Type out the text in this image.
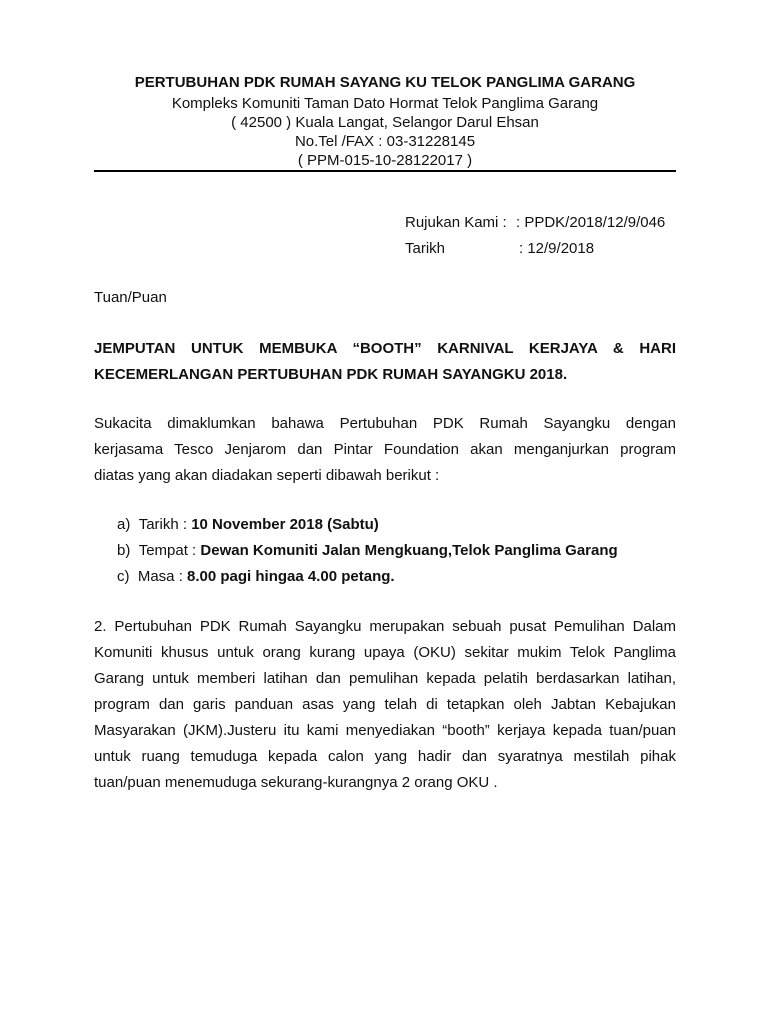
PERTUBUHAN PDK RUMAH SAYANG KU TELOK PANGLIMA GARANG
Kompleks Komuniti Taman Dato Hormat Telok Panglima Garang
( 42500 ) Kuala Langat, Selangor Darul Ehsan
No.Tel /FAX : 03-31228145
( PPM-015-10-28122017 )
Rujukan Kami : : PPDK/2018/12/9/046
Tarikh	: 12/9/2018
Tuan/Puan
JEMPUTAN UNTUK MEMBUKA “BOOTH” KARNIVAL KERJAYA & HARI
KECEMERLANGAN PERTUBUHAN PDK RUMAH SAYANGKU 2018.
Sukacita dimaklumkan bahawa Pertubuhan PDK Rumah Sayangku dengan
kerjasama Tesco Jenjarom dan Pintar Foundation akan menganjurkan program
diatas yang akan diadakan seperti dibawah berikut :
a) Tarikh : 10 November 2018 (Sabtu)
b) Tempat : Dewan Komuniti Jalan Mengkuang,Telok Panglima Garang
c) Masa : 8.00 pagi hingaa 4.00 petang.
2. Pertubuhan PDK Rumah Sayangku merupakan sebuah pusat Pemulihan Dalam
Komuniti khusus untuk orang kurang upaya (OKU) sekitar mukim Telok Panglima
Garang untuk memberi latihan dan pemulihan kepada pelatih berdasarkan latihan,
program dan garis panduan asas yang telah di tetapkan oleh Jabtan Kebajukan
Masyarakan (JKM).Justeru itu kami menyediakan “booth” kerjaya kepada tuan/puan
untuk ruang temuduga kepada calon yang hadir dan syaratnya mestilah pihak
tuan/puan menemuduga sekurang-kurangnya 2 orang OKU .
